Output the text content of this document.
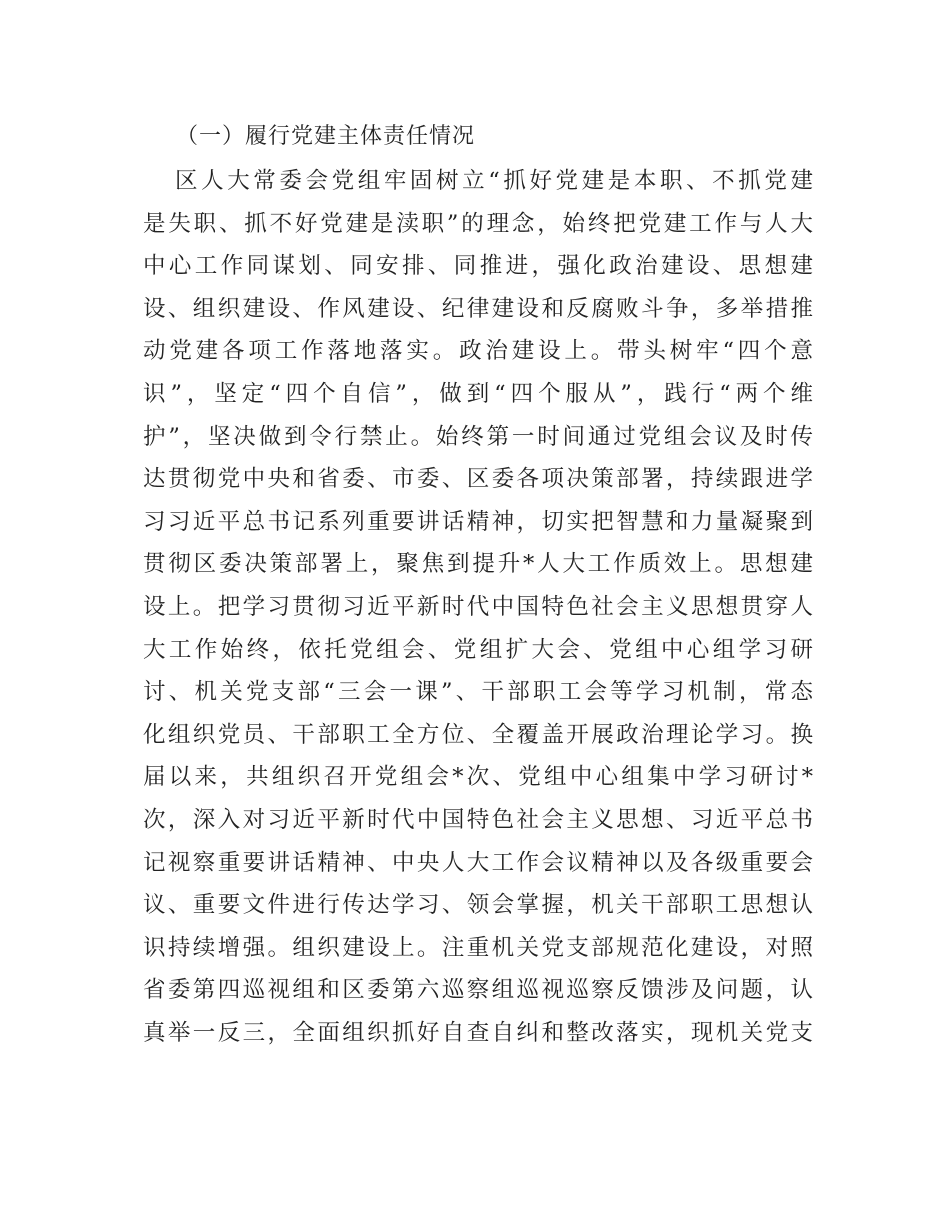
（一）履行党建主体责任情况
区人大常委会党组牢固树立“抓好党建是本职、不抓党建
是失职、抓不好党建是渎职”的理念，始终把党建工作与人大
中心工作同谋划、同安排、同推进，强化政治建设、思想建
设、组织建设、作风建设、纪律建设和反腐败斗争，多举措推
动党建各项工作落地落实。政治建设上。带头树牢“四个意
识”，坚定“四个自信”，做到“四个服从”，践行“两个维
护”，坚决做到令行禁止。始终第一时间通过党组会议及时传
达贯彻党中央和省委、市委、区委各项决策部署，持续跟进学
习习近平总书记系列重要讲话精神，切实把智慧和力量凝聚到
贯彻区委决策部署上，聚焦到提升*人大工作质效上。思想建
设上。把学习贯彻习近平新时代中国特色社会主义思想贯穿人
大工作始终，依托党组会、党组扩大会、党组中心组学习研
讨、机关党支部“三会一课”、干部职工会等学习机制，常态
化组织党员、干部职工全方位、全覆盖开展政治理论学习。换
届以来，共组织召开党组会*次、党组中心组集中学习研讨*
次，深入对习近平新时代中国特色社会主义思想、习近平总书
记视察重要讲话精神、中央人大工作会议精神以及各级重要会
议、重要文件进行传达学习、领会掌握，机关干部职工思想认
识持续增强。组织建设上。注重机关党支部规范化建设，对照
省委第四巡视组和区委第六巡察组巡视巡察反馈涉及问题，认
真举一反三，全面组织抓好自查自纠和整改落实，现机关党支
